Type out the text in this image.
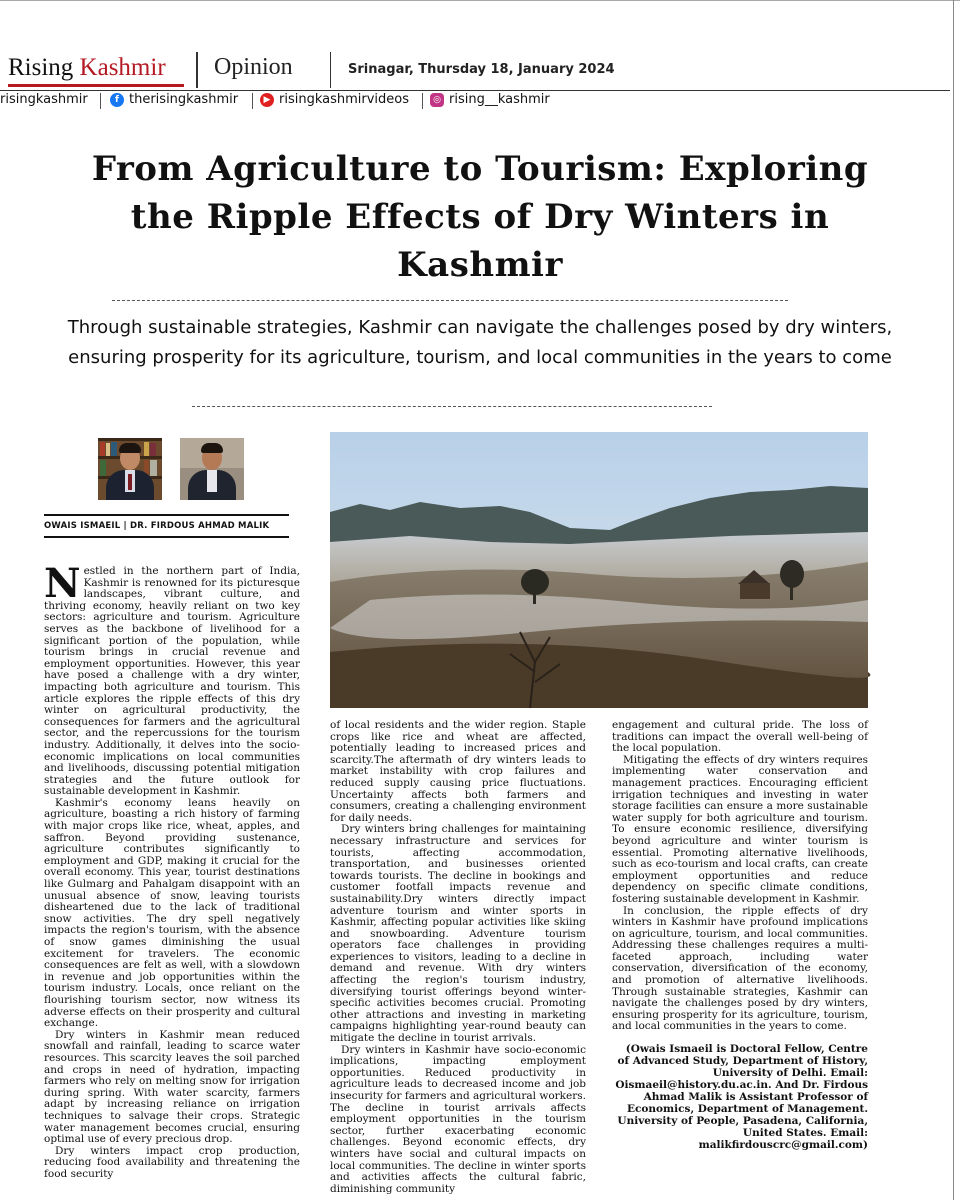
Rising Kashmir Opinion	Srinagar, Thursday 18, January 2024
risingkashmir	f therisingkashmir	▶ risingkashmirvideos	◎ rising__kashmir
From Agriculture to Tourism: Exploring the Ripple Effects of Dry Winters in Kashmir
Through sustainable strategies, Kashmir can navigate the challenges posed by dry winters, ensuring prosperity for its agriculture, tourism, and local communities in the years to come
OWAIS ISMAEIL | DR. FIRDOUS AHMAD MALIK

Nestled in the northern part of India, Kashmir is renowned for its picturesque landscapes, vibrant culture, and thriving economy, heavily reliant on two key sectors: agriculture and tourism. Agriculture serves as the backbone of livelihood for a significant portion of the population, while tourism brings in crucial revenue and employment opportunities. However, this year have posed a challenge with a dry winter, impacting both agriculture and tourism. This article explores the ripple effects of this dry winter on agricultural productivity, the consequences for farmers and the agricultural sector, and the repercussions for the tourism industry. Additionally, it delves into the socio-economic implications on local communities and livelihoods, discussing potential mitigation strategies and the future outlook for sustainable development in Kashmir.

Kashmir's economy leans heavily on agriculture, boasting a rich history of farming with major crops like rice, wheat, apples, and saffron. Beyond providing sustenance, agriculture contributes significantly to employment and GDP, making it crucial for the overall economy. This year, tourist destinations like Gulmarg and Pahalgam disappoint with an unusual absence of snow, leaving tourists disheartened due to the lack of traditional snow activities. The dry spell negatively impacts the region's tourism, with the absence of snow games diminishing the usual excitement for travelers. The economic consequences are felt as well, with a slowdown in revenue and job opportunities within the tourism industry. Locals, once reliant on the flourishing tourism sector, now witness its adverse effects on their prosperity and cultural exchange.

Dry winters in Kashmir mean reduced snowfall and rainfall, leading to scarce water resources. This scarcity leaves the soil parched and crops in need of hydration, impacting farmers who rely on melting snow for irrigation during spring. With water scarcity, farmers adapt by increasing reliance on irrigation techniques to salvage their crops. Strategic water management becomes crucial, ensuring optimal use of every precious drop.

Dry winters impact crop production, reducing food availability and threatening the food security

of local residents and the wider region. Staple crops like rice and wheat are affected, potentially leading to increased prices and scarcity.The aftermath of dry winters leads to market instability with crop failures and reduced supply causing price fluctuations. Uncertainty affects both farmers and consumers, creating a challenging environment for daily needs.

Dry winters bring challenges for maintaining necessary infrastructure and services for tourists, affecting accommodation, transportation, and businesses oriented towards tourists. The decline in bookings and customer footfall impacts revenue and sustainability.Dry winters directly impact adventure tourism and winter sports in Kashmir, affecting popular activities like skiing and snowboarding. Adventure tourism operators face challenges in providing experiences to visitors, leading to a decline in demand and revenue. With dry winters affecting the region's tourism industry, diversifying tourist offerings beyond winter-specific activities becomes crucial. Promoting other attractions and investing in marketing campaigns highlighting year-round beauty can mitigate the decline in tourist arrivals.

Dry winters in Kashmir have socio-economic implications, impacting employment opportunities. Reduced productivity in agriculture leads to decreased income and job insecurity for farmers and agricultural workers. The decline in tourist arrivals affects employment opportunities in the tourism sector, further exacerbating economic challenges. Beyond economic effects, dry winters have social and cultural impacts on local communities. The decline in winter sports and activities affects the cultural fabric, diminishing community

engagement and cultural pride. The loss of traditions can impact the overall well-being of the local population.

Mitigating the effects of dry winters requires implementing water conservation and management practices. Encouraging efficient irrigation techniques and investing in water storage facilities can ensure a more sustainable water supply for both agriculture and tourism. To ensure economic resilience, diversifying beyond agriculture and winter tourism is essential. Promoting alternative livelihoods, such as eco-tourism and local crafts, can create employment opportunities and reduce dependency on specific climate conditions, fostering sustainable development in Kashmir.

In conclusion, the ripple effects of dry winters in Kashmir have profound implications on agriculture, tourism, and local communities. Addressing these challenges requires a multi-faceted approach, including water conservation, diversification of the economy, and promotion of alternative livelihoods. Through sustainable strategies, Kashmir can navigate the challenges posed by dry winters, ensuring prosperity for its agriculture, tourism, and local communities in the years to come.

(Owais Ismaeil is Doctoral Fellow, Centre of Advanced Study, Department of History, University of Delhi. Email: Oismaeil@history.du.ac.in. And Dr. Firdous Ahmad Malik is Assistant Professor of Economics, Department of Management. University of People, Pasadena, California, United States. Email: malikfirdouscrc@gmail.com)
